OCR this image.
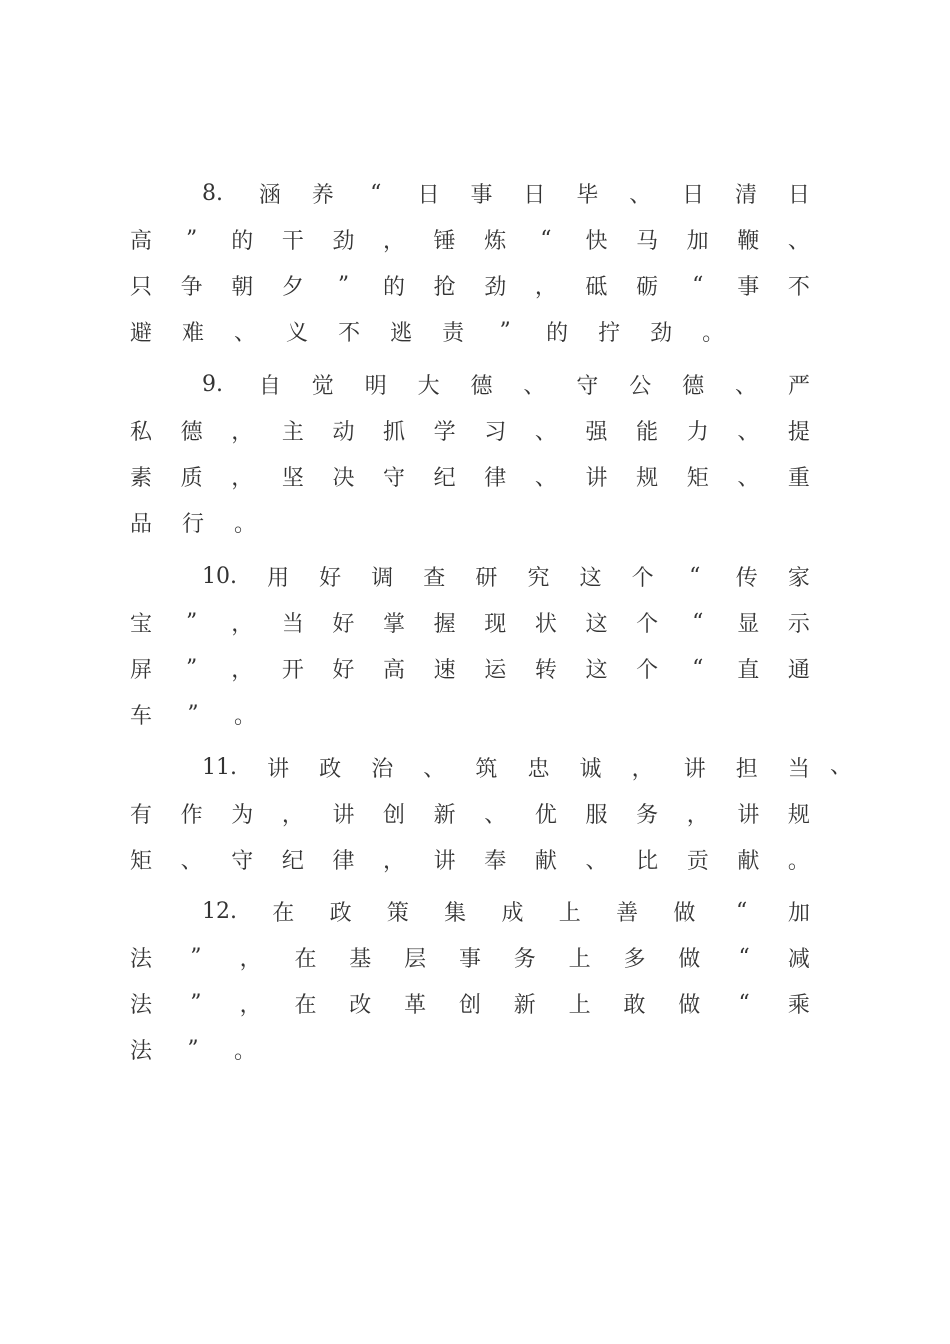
8. 涵 养 “ 日 事 日 毕 、 日 清 日
高 ” 的 干 劲 ， 锤 炼 “ 快 马 加 鞭 、
只 争 朝 夕 ” 的 抢 劲 ， 砥 砺 “ 事 不
避 难 、 义 不 逃 责 ” 的 拧 劲 。
9. 自 觉 明 大 德 、 守 公 德 、 严
私 德 ， 主 动 抓 学 习 、 强 能 力 、 提
素 质 ， 坚 决 守 纪 律 、 讲 规 矩 、 重
品 行 。
10. 用 好 调 查 研 究 这 个 “ 传 家
宝 ” ， 当 好 掌 握 现 状 这 个 “ 显 示
屏 ” ， 开 好 高 速 运 转 这 个 “ 直 通
车 ” 。
11. 讲 政 治 、 筑 忠 诚 ， 讲 担 当
有 作 为 ， 讲 创 新 、 优 服 务 ， 讲 规
矩 、 守 纪 律 ， 讲 奉 献 、 比 贡 献 。
、
12. 在 政 策 集 成 上 善 做 “ 加
法 ” ， 在 基 层 事 务 上 多 做 “ 减
法 ” ， 在 改 革 创 新 上 敢 做 “ 乘
法 ” 。
